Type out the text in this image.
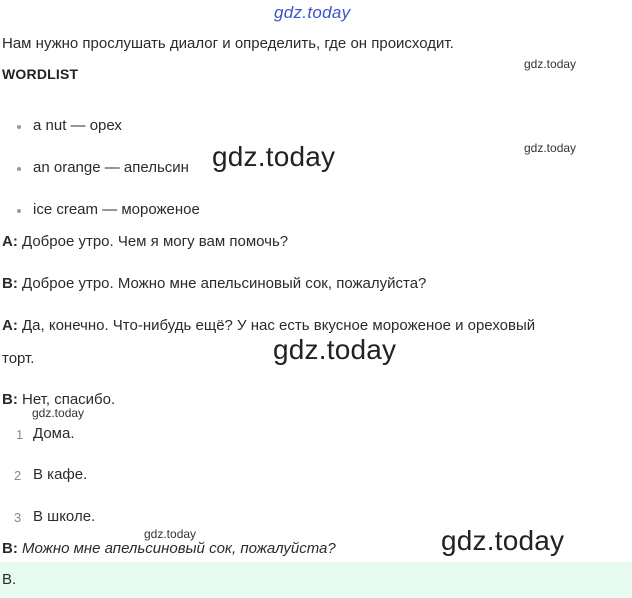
gdz.today
gdz.today
gdz.today
gdz.today
gdz.today
gdz.today
gdz.today	gdz.today
Нам нужно прослушать диалог и определить, где он происходит.
WORDLIST
a nut — орех
an orange — апельсин
ice cream — мороженое
A: Доброе утро. Чем я могу вам помочь?
B: Доброе утро. Можно мне апельсиновый сок, пожалуйста?
A: Да, конечно. Что-нибудь ещё? У нас есть вкусное мороженое и ореховый
торт.
B: Нет, спасибо.
1 Дома.
2 В кафе.
3 В школе.
B: Можно мне апельсиновый сок, пожалуйста?
B.
